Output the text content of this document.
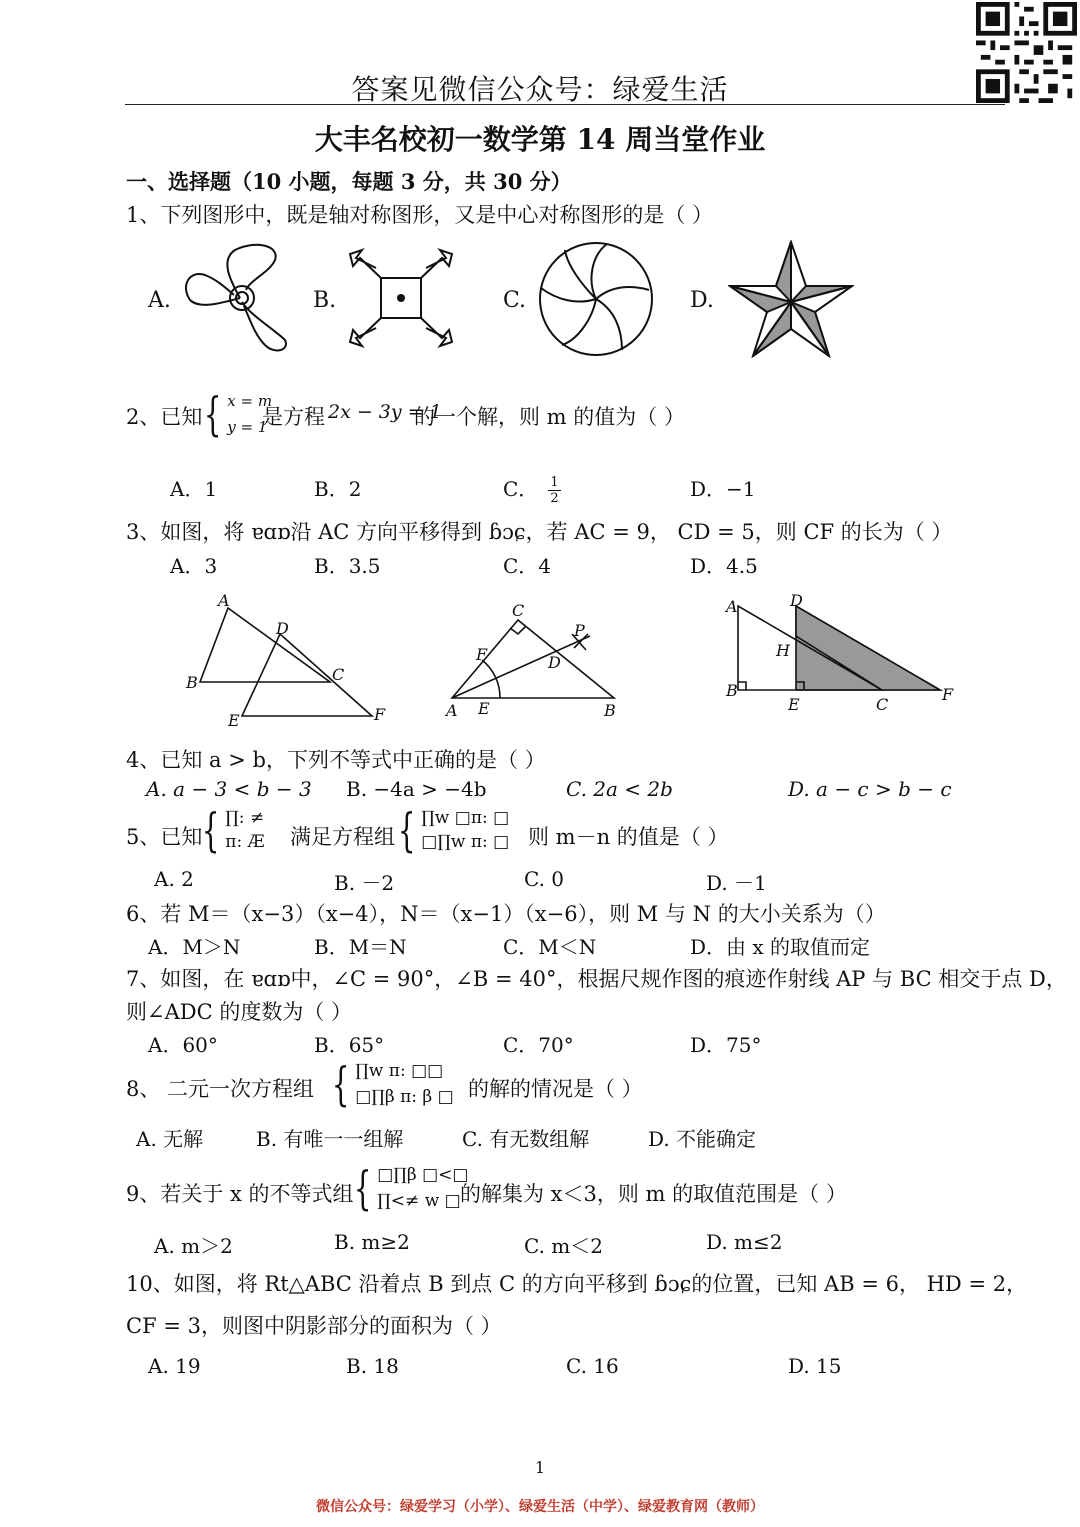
答案见微信公众号：绿爱生活
大丰名校初一数学第 14 周当堂作业
一、选择题（10 小题，每题 3 分，共 30 分）
1、下列图形中，既是轴对称图形，又是中心对称图形的是（ ）
A.	B.	C.	D.
2、已知 { x = m
y = 1
是方程 2x − 3y = 1
的一个解，则 m 的值为（ ）
A．1	B．2	C． $\frac{1}{2}$	D．−1
3、如图，将 ɐɑɒ沿 AC 方向平移得到 ɓɔɕ，若 AC = 9， CD = 5，则 CF 的长为（ ）
A．3	B．3.5	C．4	D．4.5
A
B	C
D
E	F
C
P
F	D
A E	B
A	D
H
B
E	C
F
4、已知 a > b，下列不等式中正确的是（ ）
A. a − 3 < b − 3 B. −4a > −4b	C. 2a < 2b	D. a − c > b − c
5、已知 { ∏: ≠
π: Æ 满足方程组 { ∏w □π: □
□∏w π: □ 则 m－n 的值是（ ）
A. 2	B. －2	C. 0	D. －1
6、若 M＝（x−3）（x−4），N＝（x−1）（x−6），则 M 与 N 的大小关系为（）
A．M＞N	B．M＝N	C．M＜N	D．由 x 的取值而定
7、如图，在 ɐɑɒ中，∠C = 90°，∠B = 40°，根据尺规作图的痕迹作射线 AP 与 BC 相交于点 D，
则∠ADC 的度数为（ ）
A．60°	B．65°	C．70°	D．75°
8、 二元一次方程组 { ∏w π: □□
□∏β π: β □ 的解的情况是（ ）
A. 无解	B. 有唯一一组解	C. 有无数组解	D. 不能确定
9、若关于 x 的不等式组 { □∏β □<□
∏<≠ w □ 的解集为 x＜3，则 m 的取值范围是（ ）
A. m＞2	B. m≥2	C. m＜2	D. m≤2
10、如图，将 Rt△ABC 沿着点 B 到点 C 的方向平移到 ɓɔɕ的位置，已知 AB = 6， HD = 2，
CF = 3，则图中阴影部分的面积为（ ）
A. 19	B. 18	C. 16	D. 15
1
微信公众号：绿爱学习（小学）、绿爱生活（中学）、绿爱教育网（教师）
